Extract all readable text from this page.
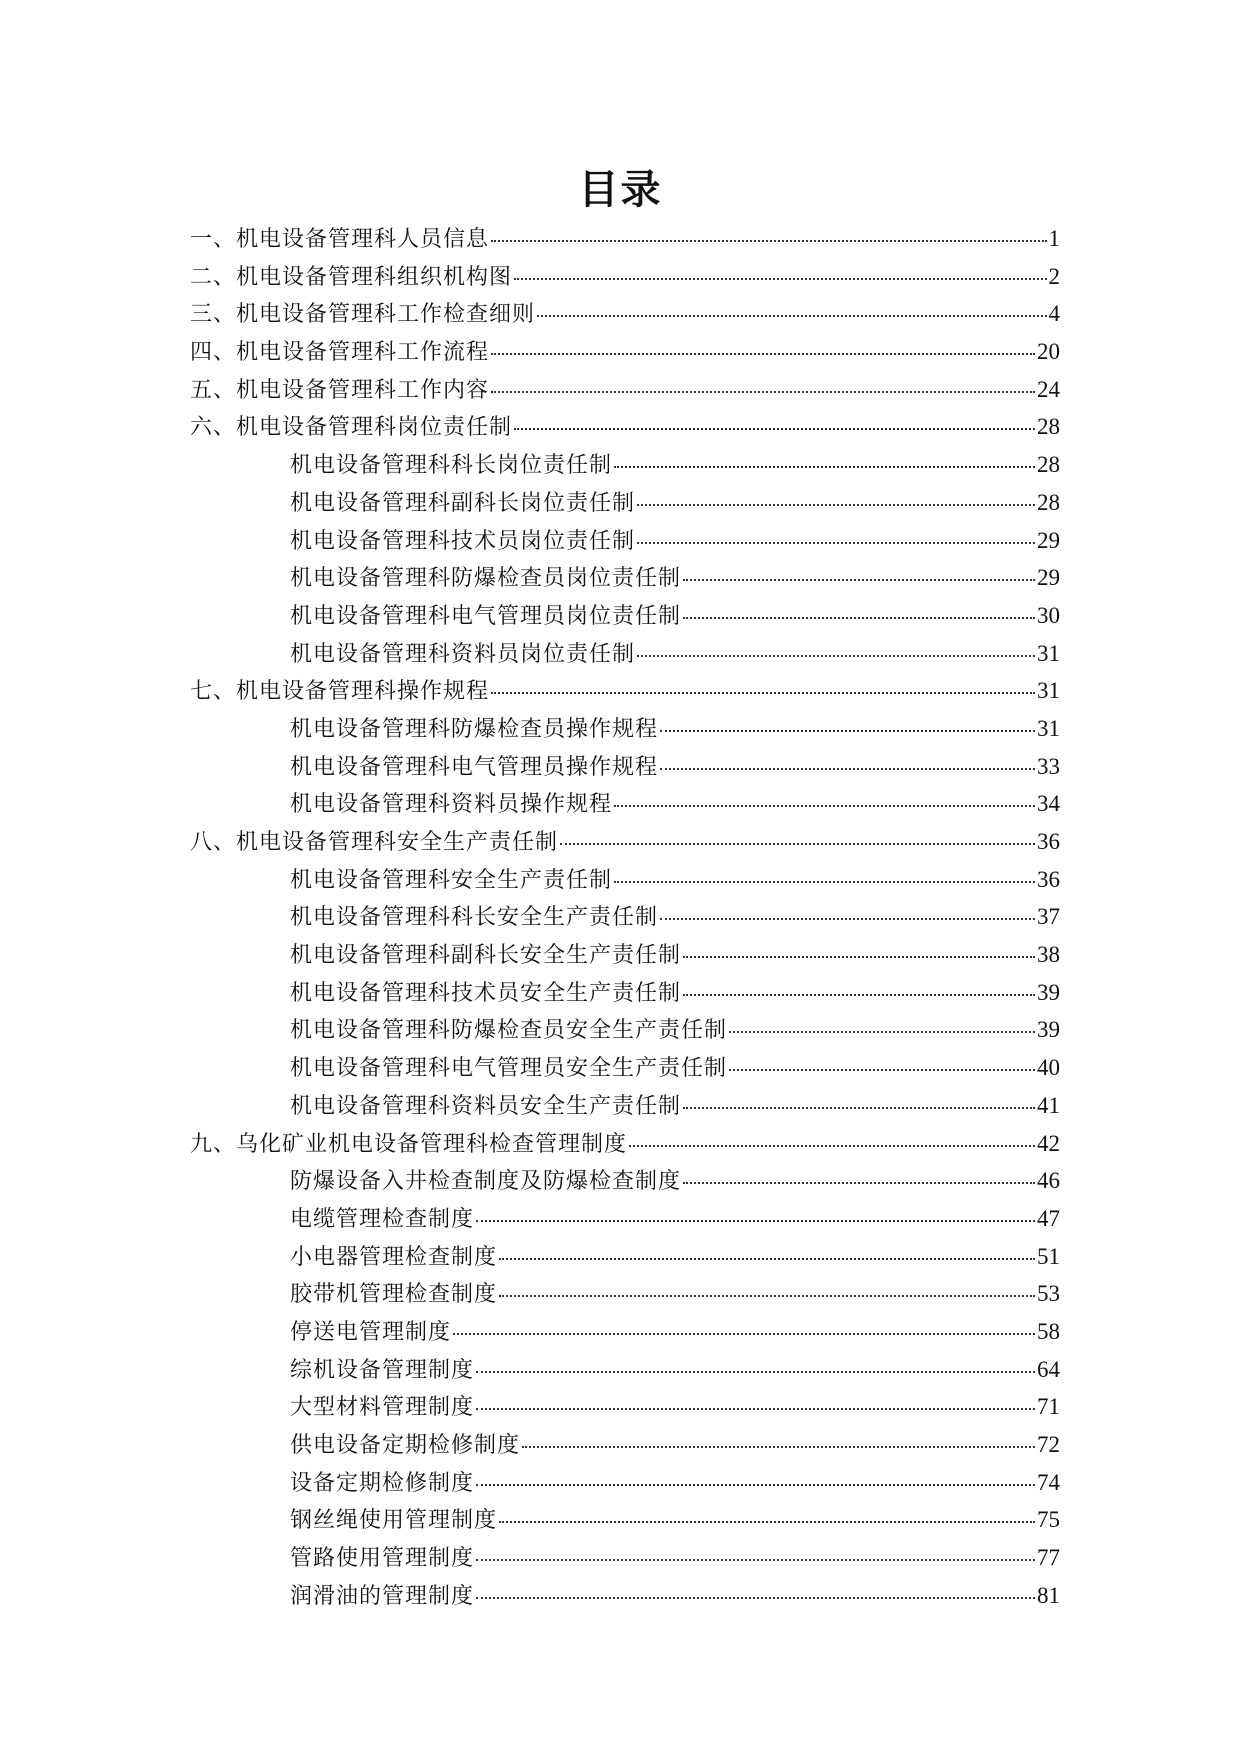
目录
一、机电设备管理科人员信息	1
二、机电设备管理科组织机构图	2
三、机电设备管理科工作检查细则	4
四、机电设备管理科工作流程	20
五、机电设备管理科工作内容	24
六、机电设备管理科岗位责任制	28
机电设备管理科科长岗位责任制	28
机电设备管理科副科长岗位责任制	28
机电设备管理科技术员岗位责任制	29
机电设备管理科防爆检查员岗位责任制	29
机电设备管理科电气管理员岗位责任制	30
机电设备管理科资料员岗位责任制	31
七、机电设备管理科操作规程	31
机电设备管理科防爆检查员操作规程	31
机电设备管理科电气管理员操作规程	33
机电设备管理科资料员操作规程	34
八、机电设备管理科安全生产责任制	36
机电设备管理科安全生产责任制	36
机电设备管理科科长安全生产责任制	37
机电设备管理科副科长安全生产责任制	38
机电设备管理科技术员安全生产责任制	39
机电设备管理科防爆检查员安全生产责任制	39
机电设备管理科电气管理员安全生产责任制	40
机电设备管理科资料员安全生产责任制	41
九、乌化矿业机电设备管理科检查管理制度	42
防爆设备入井检查制度及防爆检查制度	46
电缆管理检查制度	47
小电器管理检查制度	51
胶带机管理检查制度	53
停送电管理制度	58
综机设备管理制度	64
大型材料管理制度	71
供电设备定期检修制度	72
设备定期检修制度	74
钢丝绳使用管理制度	75
管路使用管理制度	77
润滑油的管理制度	81
